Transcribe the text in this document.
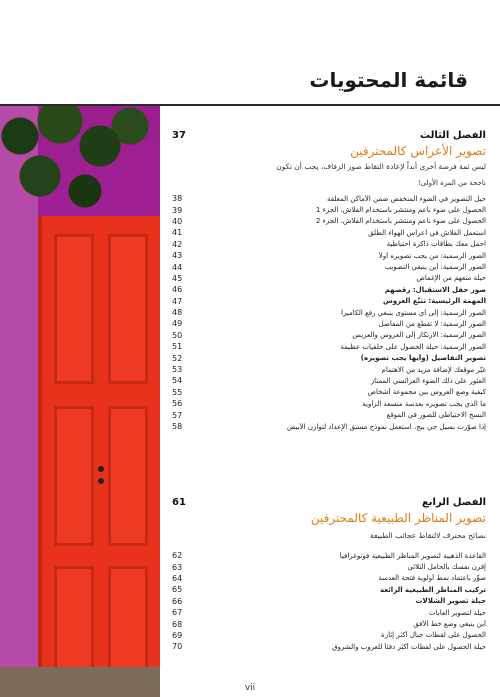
قائمة المحتويات
الفصل الثالث
37
تصوير الأعراس كالمحترفين
ليس ثمة فرصة أخرى أبداً لإعادة التقاط صور الزفاف، يجب أن تكون
ناجحة من المرة الأولى!
حيل التصوير في الضوء المنخفض ضمن الأماكن المغلقة
38
الحصول على ضوء ناعم ومنتشر باستخدام الفلاش، الجزء 1
39
الحصول على ضوء ناعم ومنتشر باستخدام الفلاش، الجزء 2
40
استعمل الفلاش في أعراس الهواء الطلق
41
احمل معك بطاقات ذاكرة احتياطية
42
الصور الرسمية: من يجب تصويره أولاً
43
الصور الرسمية: أين ينبغي التصويب
44
حيلة متعهم من الإغماض
45
صور حفل الاستقبال: رقصهم
46
المهمة الرئيسية: تتبُّع العروس
47
الصور الرسمية: إلى أي مستوى ينبغي رفع الكاميرا
48
الصور الرسمية: لا تقطع من المفاصل
49
الصور الرسمية: الارتكاز إلى العروس والعريس
50
الصور الرسمية: حيلة الحصول على خلفيات عظيمة
51
تصوير التفاصيل (وأيها يجب تصويره)
52
غيّر موقعك لإضافة مزيد من الاهتمام
53
العثور على ذلك الضوء العرائسي الممتاز
54
كيفية وضع العروس بين مجموعة أشخاص
55
ما الذي يجب تصويره بعدسة متسعة الزاوية
56
النسخ الاحتياطي للصور في الموقع
57
إذا صوّرت بسيل جي بيج، استعمل نموذج مسبق الإعداد لتوازن الأبيض
58
الفصل الرابع
61
تصوير المناظر الطبيعية كالمحترفين
نصائح محترف لالتقاط عجائب الطبيعة
القاعدة الذهبية لتصوير المناظر الطبيعية فوتوغرافياً
62
إقرن نفسك بالحامل الثلاثي
63
صوِّر باعتماد نمط أولوية فتحة العدسة
64
تركيب المناظر الطبيعية الرائعة
65
حيلة تصوير الشلالات
66
حيلة لتصوير الغابات
67
أين ينبغي وضع خط الأفق
68
الحصول على لقطات جبال أكثر إثارة
69
حيلة الحصول على لقطات أكثر دفئاً للغروب والشروق
70
vii
